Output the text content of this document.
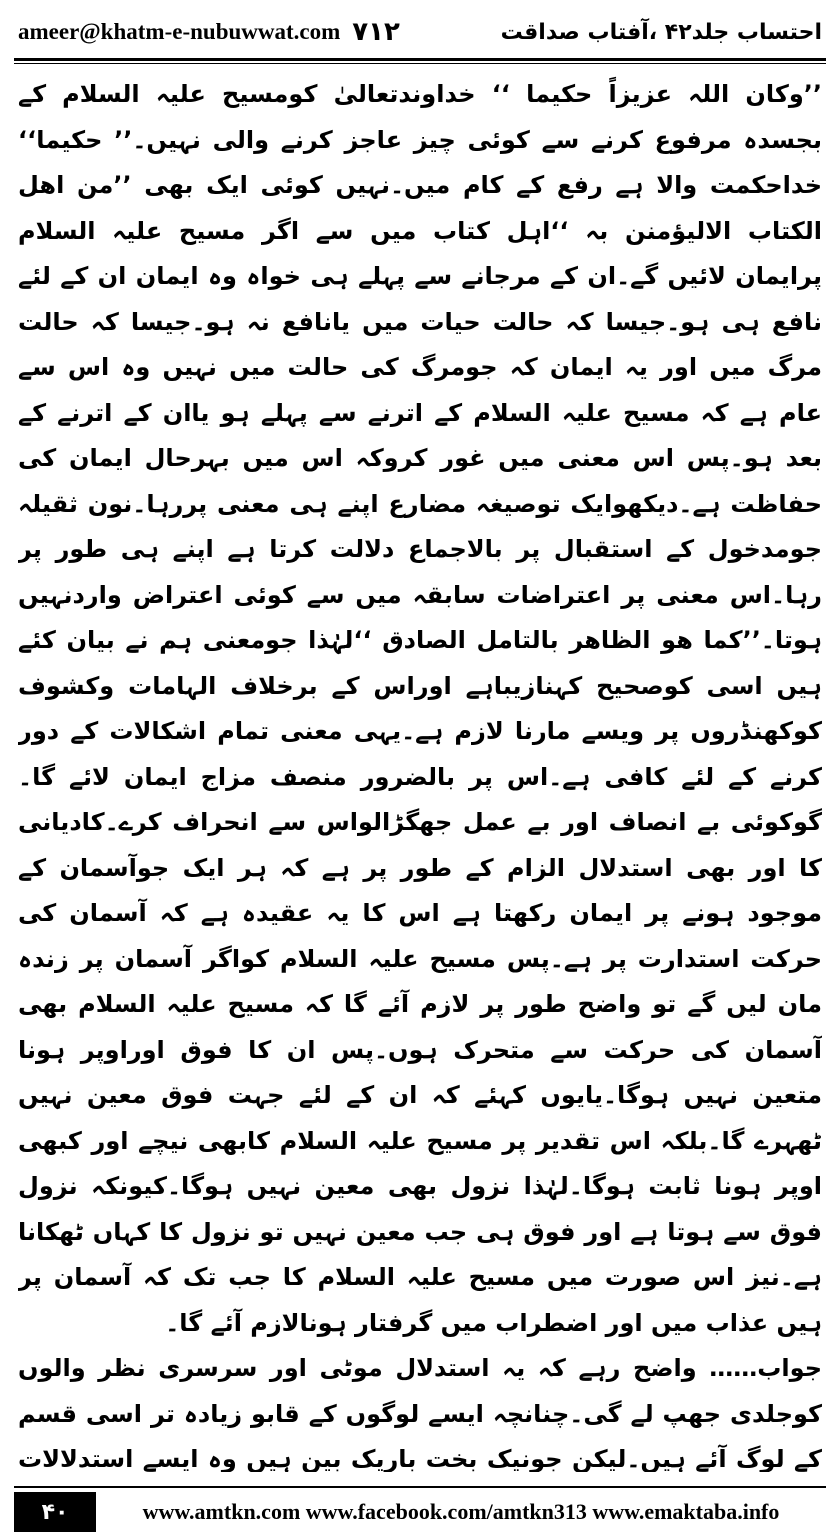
ameer@khatm-e-nubuwwat.com ۷۱۲	احتساب جلد۴۲ ،آفتاب صداقت

’’وکان اللہ عزیزاً حکیما ‘‘ خداوندتعالیٰ کومسیح علیہ السلام کے بجسدہ مرفوع کرنے سے کوئی چیز عاجز کرنے والی نہیں۔’’ حکیما‘‘ خداحکمت والا ہے رفع کے کام میں۔نہیں کوئی ایک بھی ’’من اھل الکتاب الالیؤمنن بہ ‘‘اہل کتاب میں سے اگر مسیح علیہ السلام پرایمان لائیں گے۔ان کے مرجانے سے پہلے ہی خواہ وہ ایمان ان کے لئے نافع ہی ہو۔جیسا کہ حالت حیات میں یانافع نہ ہو۔جیسا کہ حالت مرگ میں اور یہ ایمان کہ جومرگ کی حالت میں نہیں وہ اس سے عام ہے کہ مسیح علیہ السلام کے اترنے سے پہلے ہو یاان کے اترنے کے بعد ہو۔پس اس معنی میں غور کروکہ اس میں بہرحال ایمان کی حفاظت ہے۔دیکھوایک توصیغہ مضارع اپنے ہی معنی پررہا۔نون ثقیلہ جومدخول کے استقبال پر بالاجماع دلالت کرتا ہے اپنے ہی طور پر رہا۔اس معنی پر اعتراضات سابقہ میں سے کوئی اعتراض واردنہیں ہوتا۔’’کما ھو الظاھر بالتامل الصادق ‘‘لہٰذا جومعنی ہم نے بیان کئے ہیں اسی کوصحیح کہنازیباہے اوراس کے برخلاف الہامات وکشوف کوکھنڈروں پر ویسے مارنا لازم ہے۔یہی معنی تمام اشکالات کے دور کرنے کے لئے کافی ہے۔اس پر بالضرور منصف مزاج ایمان لائے گا۔گوکوئی بے انصاف اور بے عمل جھگڑالواس سے انحراف کرے۔کادیانی کا اور بھی استدلال الزام کے طور پر ہے کہ ہر ایک جوآسمان کے موجود ہونے پر ایمان رکھتا ہے اس کا یہ عقیدہ ہے کہ آسمان کی حرکت استدارت پر ہے۔پس مسیح علیہ السلام کواگر آسمان پر زندہ مان لیں گے تو واضح طور پر لازم آئے گا کہ مسیح علیہ السلام بھی آسمان کی حرکت سے متحرک ہوں۔پس ان کا فوق اوراوپر ہونا متعین نہیں ہوگا۔یایوں کہئے کہ ان کے لئے جہت فوق معین نہیں ٹھہرے گا۔بلکہ اس تقدیر پر مسیح علیہ السلام کابھی نیچے اور کبھی اوپر ہونا ثابت ہوگا۔لہٰذا نزول بھی معین نہیں ہوگا۔کیونکہ نزول فوق سے ہوتا ہے اور فوق ہی جب معین نہیں تو نزول کا کہاں ٹھکانا ہے۔نیز اس صورت میں مسیح علیہ السلام کا جب تک کہ آسمان پر ہیں عذاب میں اور اضطراب میں گرفتار ہونالازم آئے گا۔

جواب…… واضح رہے کہ یہ استدلال موٹی اور سرسری نظر والوں کوجلدی جھپ لے گی۔چنانچہ ایسے لوگوں کے قابو زیادہ تر اسی قسم کے لوگ آئے ہیں۔لیکن جونیک بخت باریک بین ہیں وہ ایسے استدلالات

۴۰	www.amtkn.com www.facebook.com/amtkn313 www.emaktaba.info
